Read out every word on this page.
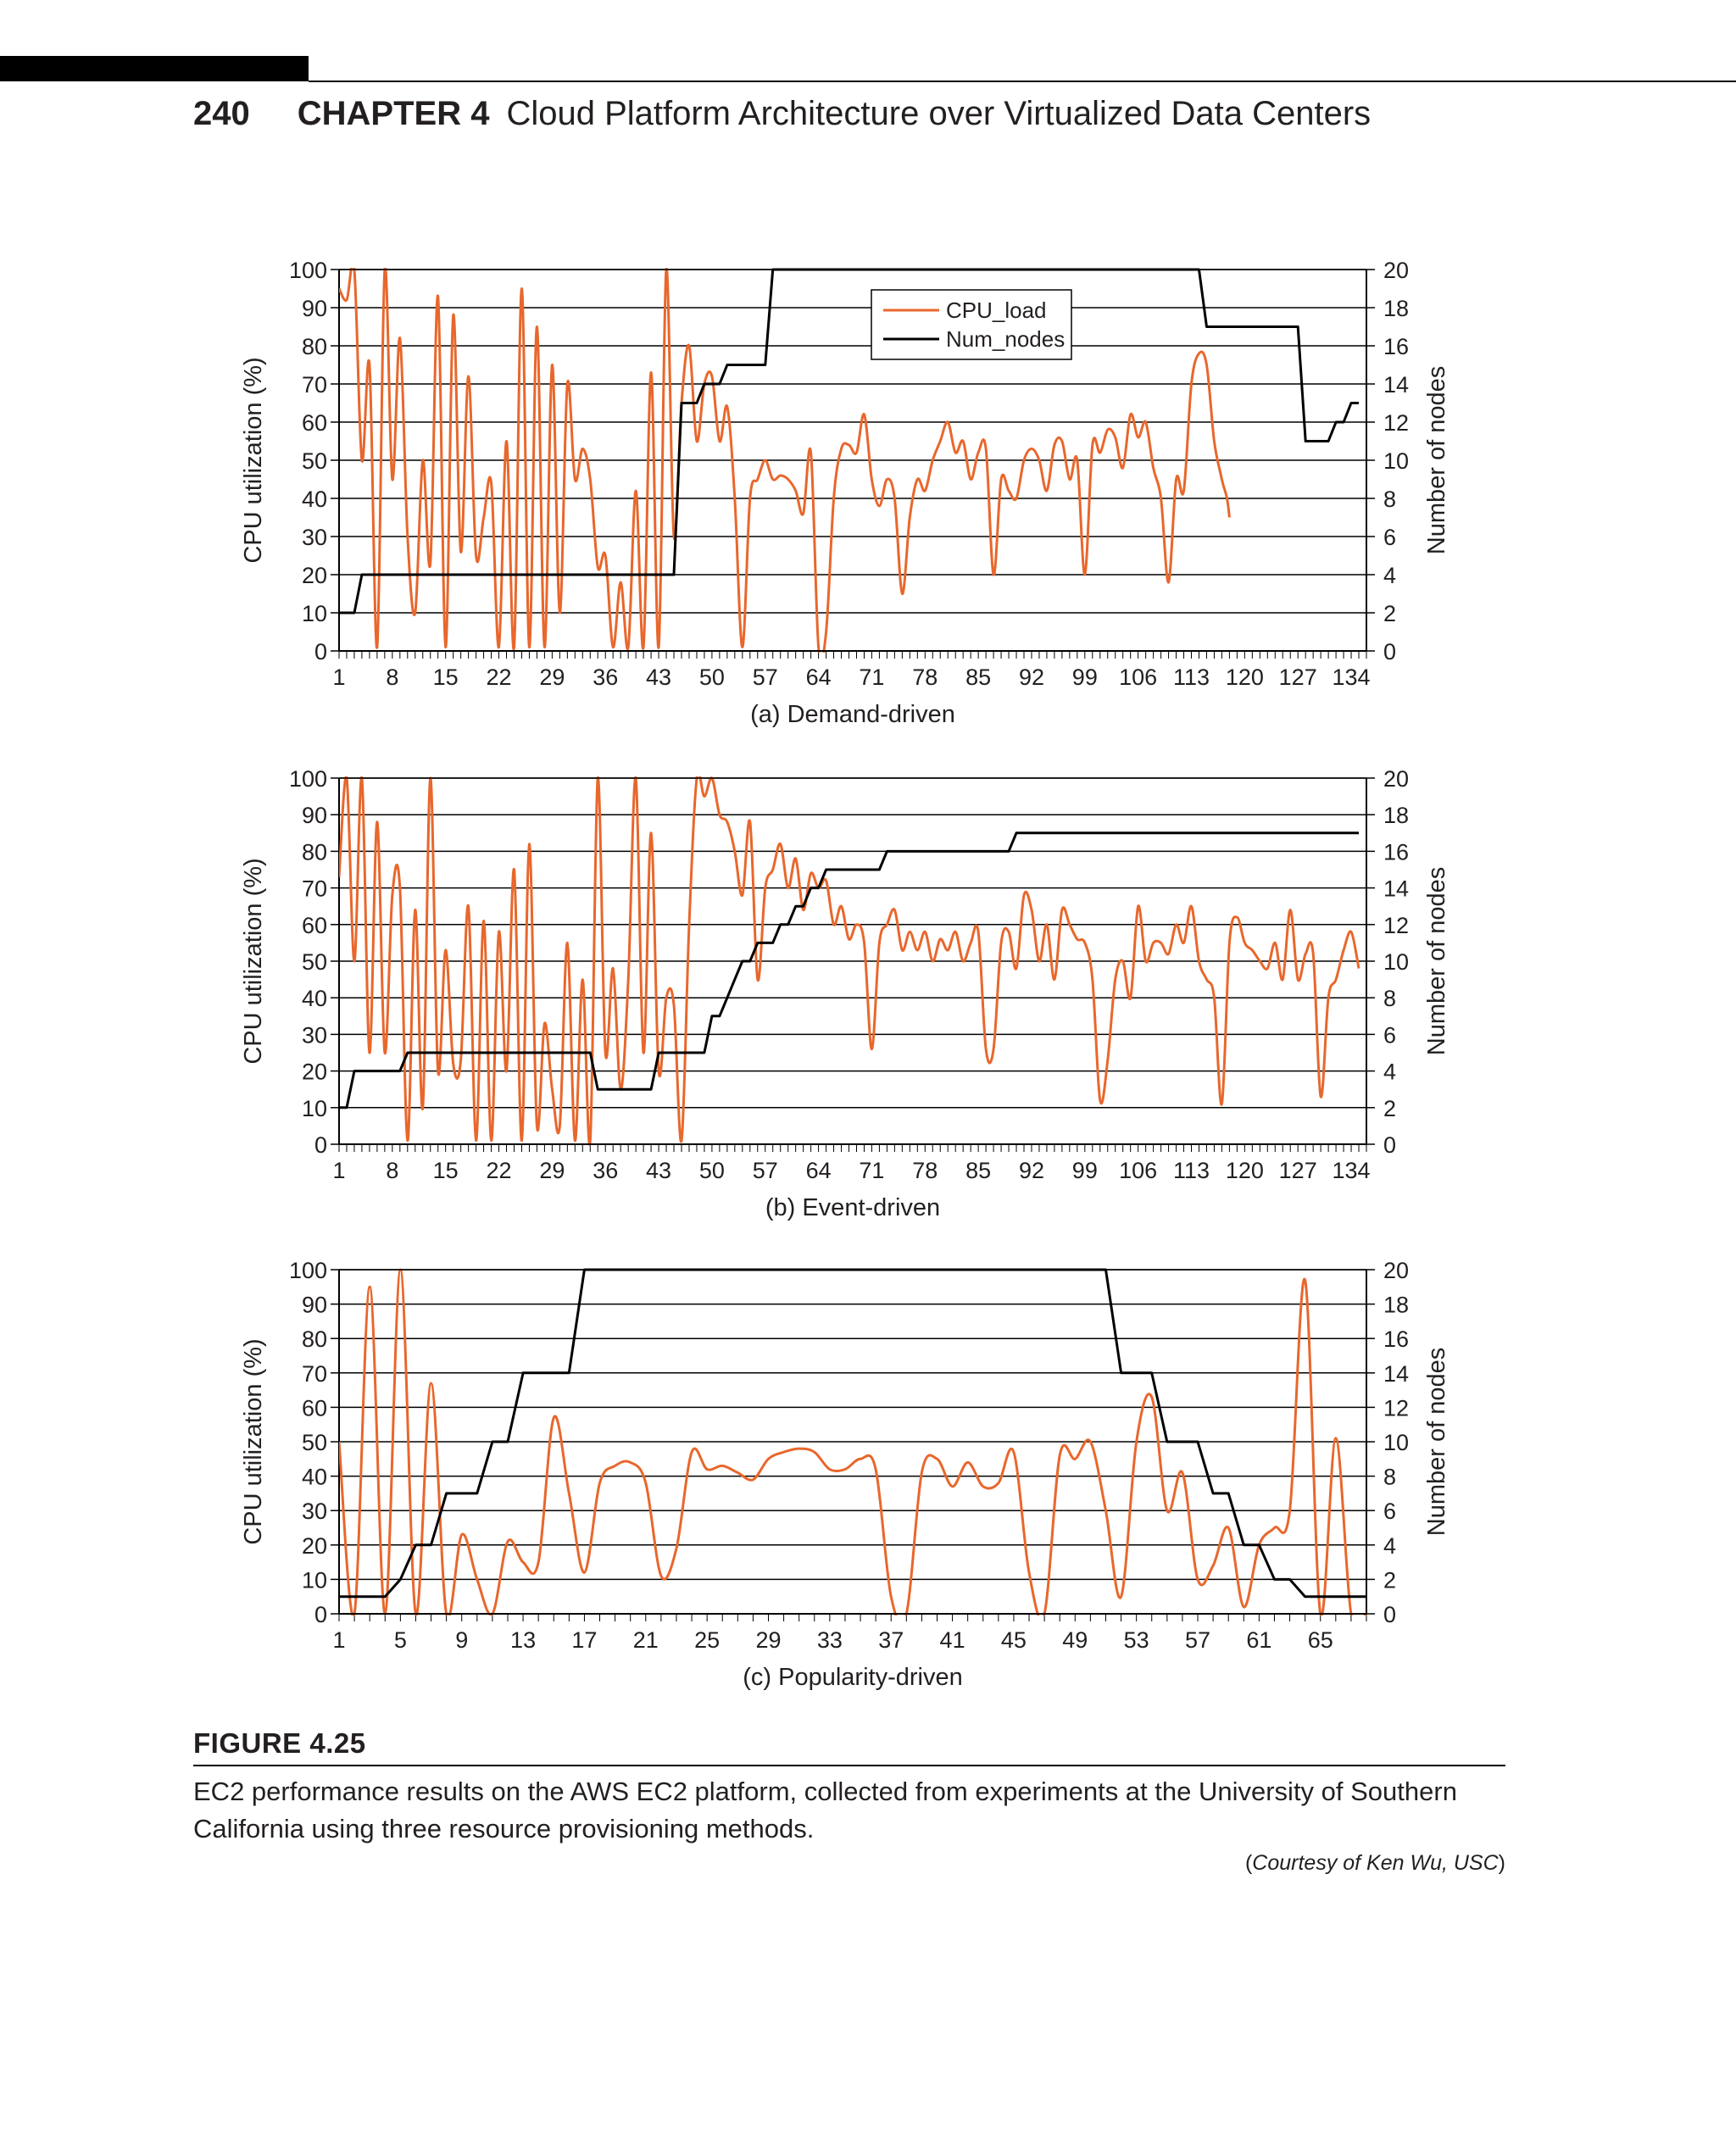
240 CHAPTER 4 Cloud Platform Architecture over Virtualized Data Centers
0
10
20
30
40
50
60
70
80
90
100
0
2
4
6
8
10
12
14
16
18
20
1 8 15 22 29 36 43 50 57 64 71 78 85 92 99 106 113 120 127 134
CPU utilization (%)	Number of nodes
(a) Demand-driven
CPU_load
Num_nodes
0
10
20
30
40
50
60
70
80
90
100
0
2
4
6
8
10
12
14
16
18
20
1 8 15 22 29 36 43 50 57 64 71 78 85 92 99 106 113 120 127 134
CPU utilization (%)	Number of nodes
(b) Event-driven
0
10
20
30
40
50
60
70
80
90
100
0
2
4
6
8
10
12
14
16
18
20
1 5 9 13 17 21 25 29 33 37 41 45 49 53 57 61 65
CPU utilization (%)	Number of nodes
(c) Popularity-driven
FIGURE 4.25
EC2 performance results on the AWS EC2 platform, collected from experiments at the University of Southern California using three resource provisioning methods.
(Courtesy of Ken Wu, USC)
